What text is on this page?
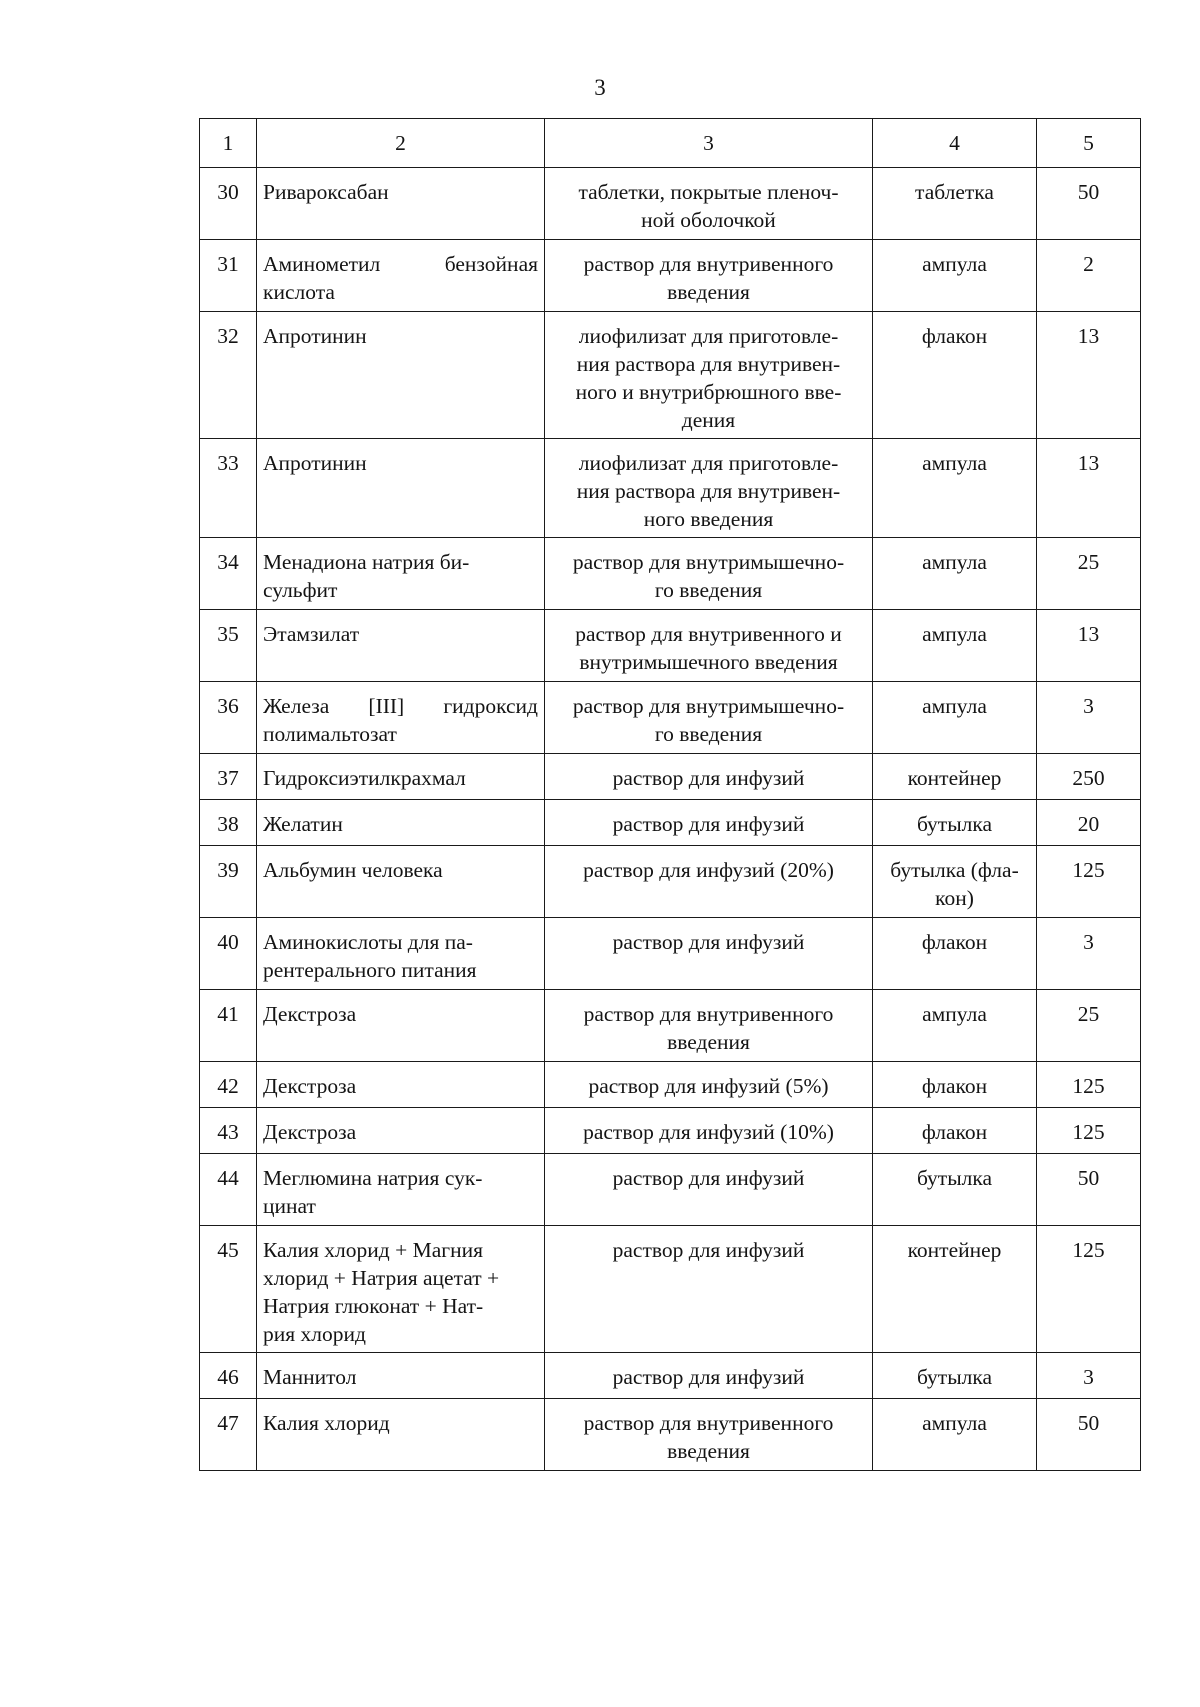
3
1	2	3	4	5
30	Ривароксабан	таблетки, покрытые пленоч-
ной оболочкой	таблетка	50
31	Аминометил бензойная кислота	раствор для внутривенного
введения	ампула	2
32	Апротинин	лиофилизат для приготовле-
ния раствора для внутривен-
ного и внутрибрюшного вве-
дения	флакон	13
33	Апротинин	лиофилизат для приготовле-
ния раствора для внутривен-
ного введения	ампула	13
34	Менадиона натрия би-
сульфит	раствор для внутримышечно-
го введения	ампула	25
35	Этамзилат	раствор для внутривенного и
внутримышечного введения	ампула	13
36	Железа [III] гидроксид полимальтозат	раствор для внутримышечно-
го введения	ампула	3
37	Гидроксиэтилкрахмал	раствор для инфузий	контейнер	250
38	Желатин	раствор для инфузий	бутылка	20
39	Альбумин человека	раствор для инфузий (20%)	бутылка (фла-
кон)	125
40	Аминокислоты для па-
рентерального питания	раствор для инфузий	флакон	3
41	Декстроза	раствор для внутривенного
введения	ампула	25
42	Декстроза	раствор для инфузий (5%)	флакон	125
43	Декстроза	раствор для инфузий (10%)	флакон	125
44	Меглюмина натрия сук-
цинат	раствор для инфузий	бутылка	50
45	Калия хлорид + Магния
хлорид + Натрия ацетат +
Натрия глюконат + Нат-
рия хлорид	раствор для инфузий	контейнер	125
46	Маннитол	раствор для инфузий	бутылка	3
47	Калия хлорид	раствор для внутривенного
введения	ампула	50
